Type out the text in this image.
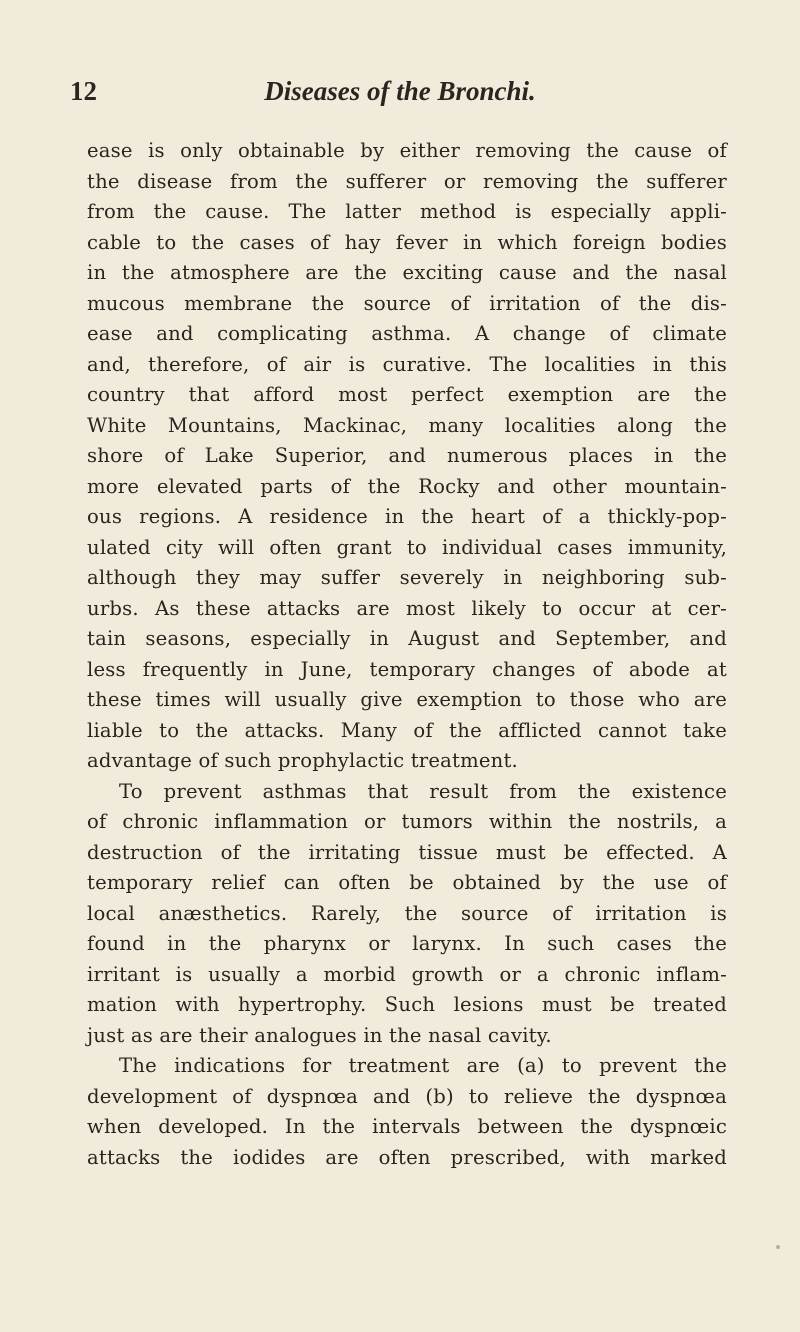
12	Diseases of the Bronchi.
ease is only obtainable by either removing the cause of
the disease from the sufferer or removing the sufferer
from the cause. The latter method is especially appli-
cable to the cases of hay fever in which foreign bodies
in the atmosphere are the exciting cause and the nasal
mucous membrane the source of irritation of the dis-
ease and complicating asthma. A change of climate
and, therefore, of air is curative. The localities in this
country that afford most perfect exemption are the
White Mountains, Mackinac, many localities along the
shore of Lake Superior, and numerous places in the
more elevated parts of the Rocky and other mountain-
ous regions. A residence in the heart of a thickly-pop-
ulated city will often grant to individual cases immunity,
although they may suffer severely in neighboring sub-
urbs. As these attacks are most likely to occur at cer-
tain seasons, especially in August and September, and
less frequently in June, temporary changes of abode at
these times will usually give exemption to those who are
liable to the attacks. Many of the afflicted cannot take
advantage of such prophylactic treatment.
To prevent asthmas that result from the existence
of chronic inflammation or tumors within the nostrils, a
destruction of the irritating tissue must be effected. A
temporary relief can often be obtained by the use of
local anæsthetics. Rarely, the source of irritation is
found in the pharynx or larynx. In such cases the
irritant is usually a morbid growth or a chronic inflam-
mation with hypertrophy. Such lesions must be treated
just as are their analogues in the nasal cavity.
The indications for treatment are (a) to prevent the
development of dyspnœa and (b) to relieve the dyspnœa
when developed. In the intervals between the dyspnœic
attacks the iodides are often prescribed, with marked
